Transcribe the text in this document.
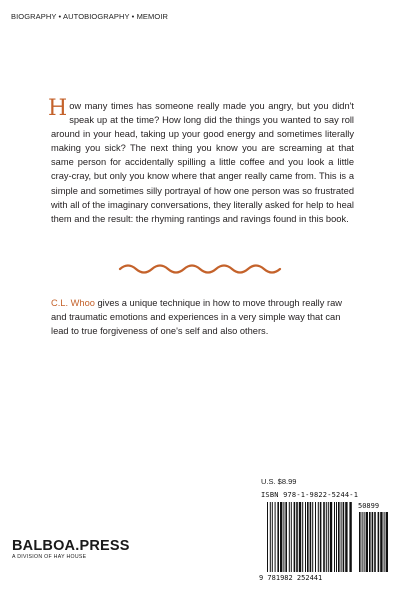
BIOGRAPHY • AUTOBIOGRAPHY • MEMOIR
How many times has someone really made you angry, but you didn't speak up at the time? How long did the things you wanted to say roll around in your head, taking up your good energy and sometimes literally making you sick? The next thing you know you are screaming at that same person for accidentally spilling a little coffee and you look a little cray-cray, but only you know where that anger really came from. This is a simple and sometimes silly portrayal of how one person was so frustrated with all of the imaginary conversations, they literally asked for help to heal them and the result: the rhyming rantings and ravings found in this book.
C.L. Whoo gives a unique technique in how to move through really raw and traumatic emotions and experiences in a very simple way that can lead to true forgiveness of one's self and also others.
BALBOA.PRESS
A DIVISION OF HAY HOUSE
U.S. $8.99
ISBN 978-1-9822-5244-1
50899
9 781982 252441
